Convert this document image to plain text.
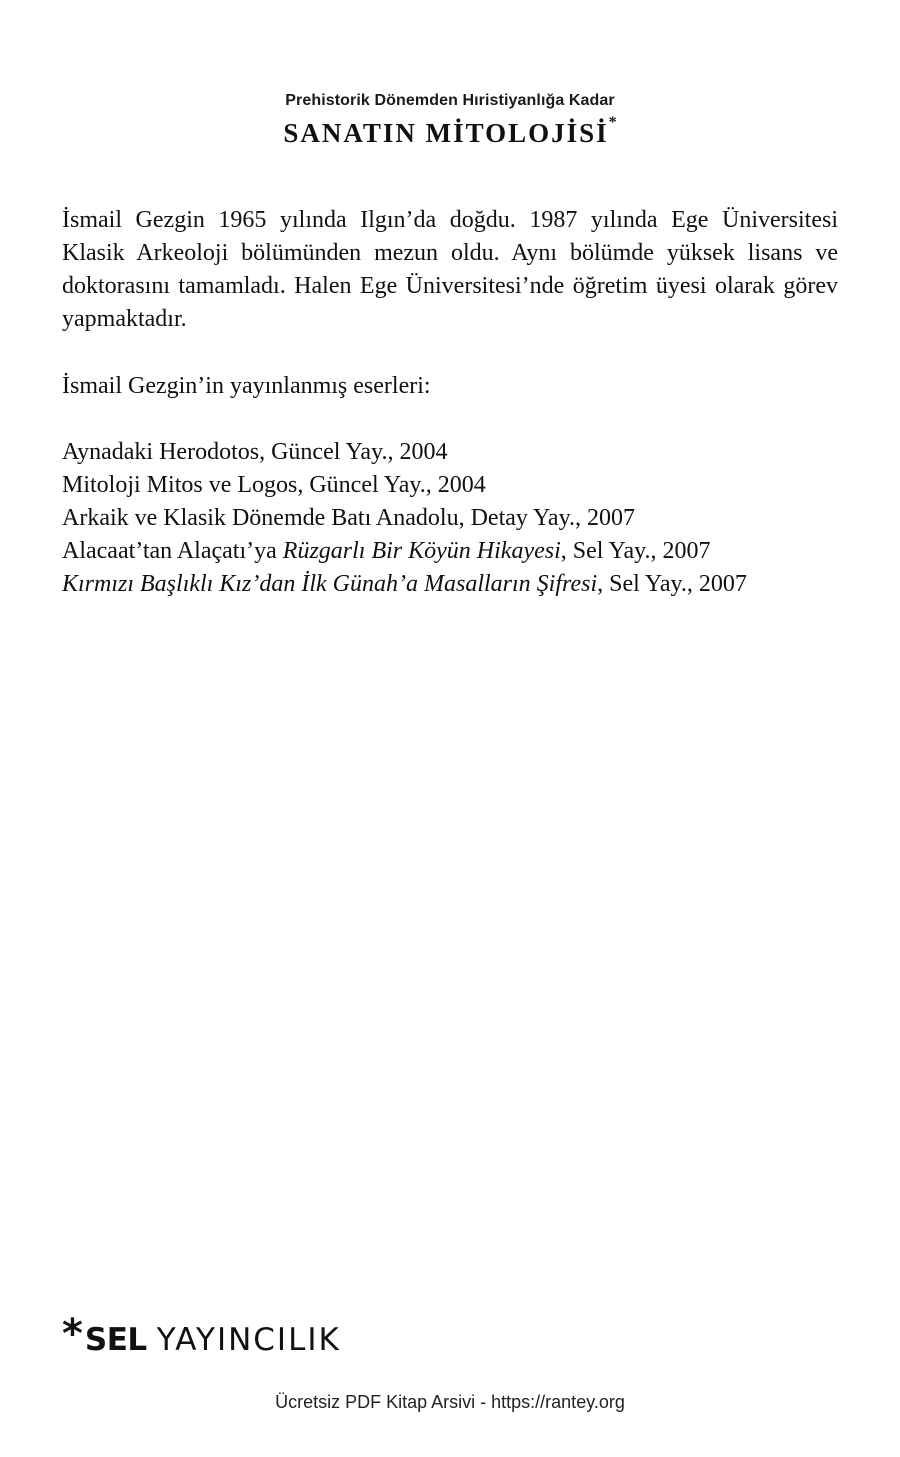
Prehistorik Dönemden Hıristiyanlığa Kadar
SANATIN MİTOLOJİSİ*

İsmail Gezgin 1965 yılında Ilgın’da doğdu. 1987 yılında Ege Üniversitesi Klasik Arkeoloji bölümünden mezun oldu. Aynı bölümde yüksek lisans ve doktorasını tamamladı. Halen Ege Üniversitesi’nde öğretim üyesi olarak görev yapmaktadır.

İsmail Gezgin’in yayınlanmış eserleri:

Aynadaki Herodotos, Güncel Yay., 2004
Mitoloji Mitos ve Logos, Güncel Yay., 2004
Arkaik ve Klasik Dönemde Batı Anadolu, Detay Yay., 2007
Alacaat’tan Alaçatı’ya Rüzgarlı Bir Köyün Hikayesi, Sel Yay., 2007
Kırmızı Başlıklı Kız’dan İlk Günah’a Masalların Şifresi, Sel Yay., 2007
* SEL YAYINCILIK
Ücretsiz PDF Kitap Arsivi - https://rantey.org
